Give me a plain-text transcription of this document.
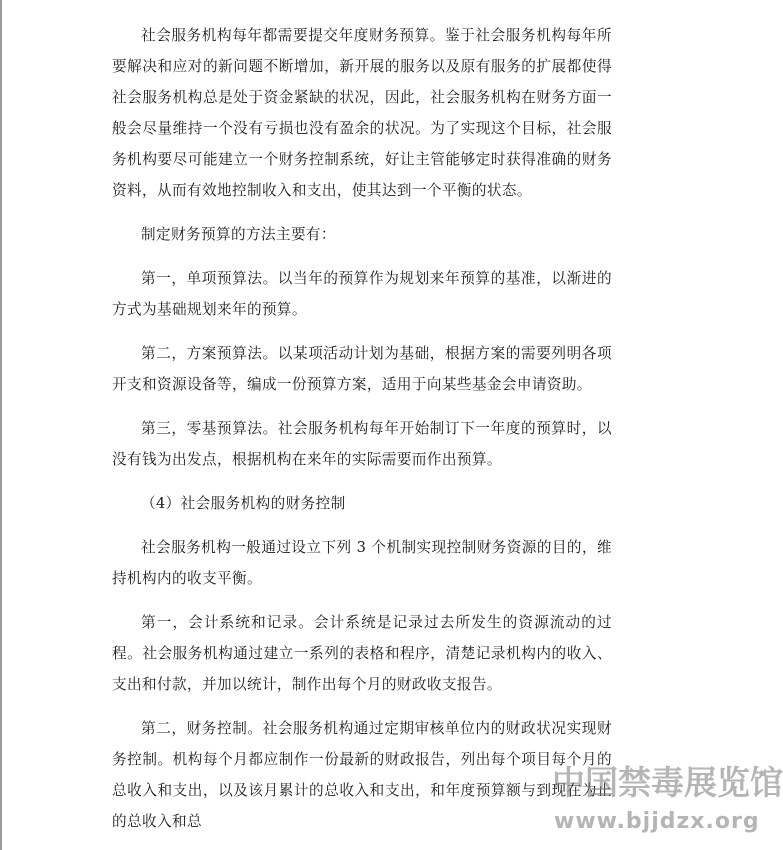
社会服务机构每年都需要提交年度财务预算。鉴于社会服务机构每年所要解决和应对的新问题不断增加，新开展的服务以及原有服务的扩展都使得社会服务机构总是处于资金紧缺的状况，因此，社会服务机构在财务方面一般会尽量维持一个没有亏损也没有盈余的状况。为了实现这个目标，社会服务机构要尽可能建立一个财务控制系统，好让主管能够定时获得准确的财务资料，从而有效地控制收入和支出，使其达到一个平衡的状态。

制定财务预算的方法主要有：

第一，单项预算法。以当年的预算作为规划来年预算的基准，以渐进的方式为基础规划来年的预算。

第二，方案预算法。以某项活动计划为基础，根据方案的需要列明各项开支和资源设备等，编成一份预算方案，适用于向某些基金会申请资助。

第三，零基预算法。社会服务机构每年开始制订下一年度的预算时，以没有钱为出发点，根据机构在来年的实际需要而作出预算。

（4）社会服务机构的财务控制

社会服务机构一般通过设立下列 3 个机制实现控制财务资源的目的，维持机构内的收支平衡。

第一，会计系统和记录。会计系统是记录过去所发生的资源流动的过程。社会服务机构通过建立一系列的表格和程序，清楚记录机构内的收入、支出和付款，并加以统计，制作出每个月的财政收支报告。

第二，财务控制。社会服务机构通过定期审核单位内的财政状况实现财务控制。机构每个月都应制作一份最新的财政报告，列出每个项目每个月的总收入和支出，以及该月累计的总收入和支出，和年度预算额与到现在为止的总收入和总

中国禁毒展览馆
www.bjjdzx.org
